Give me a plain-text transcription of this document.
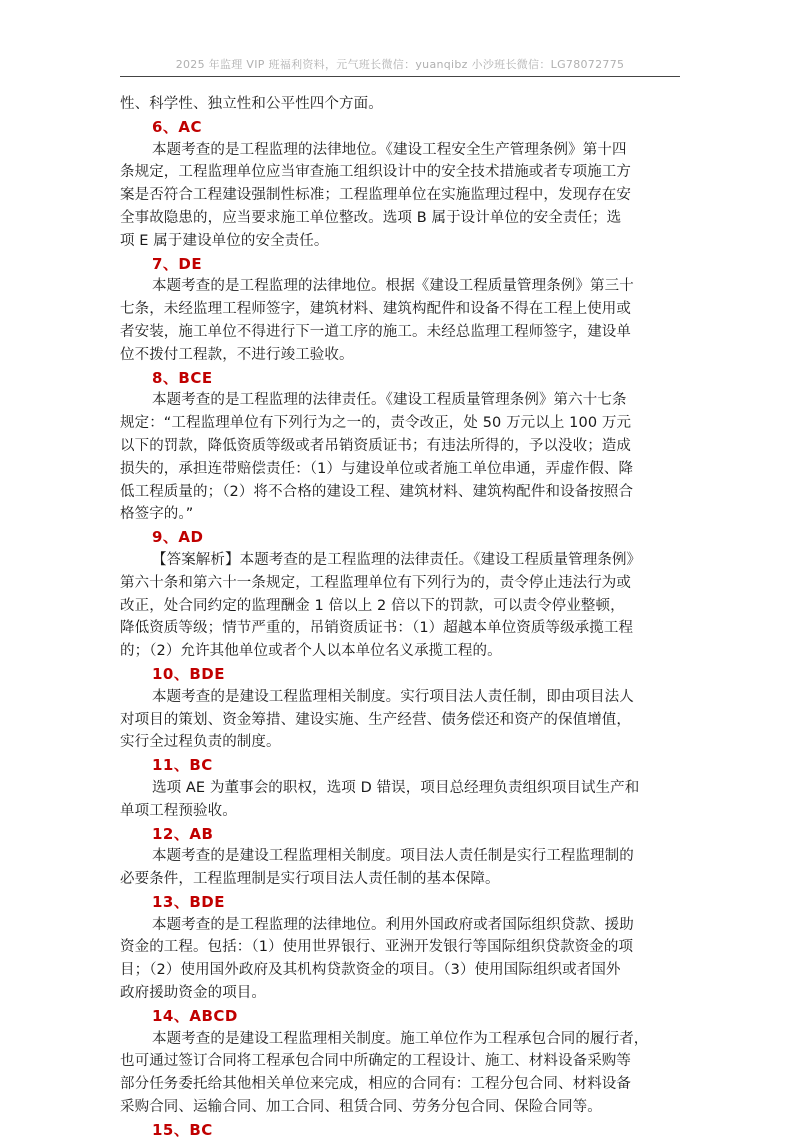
2025 年监理 VIP 班福利资料，元气班长微信：yuanqibz 小沙班长微信：LG78072775
性、科学性、独立性和公平性四个方面。
6、AC
本题考查的是工程监理的法律地位。《建设工程安全生产管理条例》第十四
条规定，工程监理单位应当审查施工组织设计中的安全技术措施或者专项施工方
案是否符合工程建设强制性标准；工程监理单位在实施监理过程中，发现存在安
全事故隐患的，应当要求施工单位整改。选项 B 属于设计单位的安全责任；选
项 E 属于建设单位的安全责任。
7、DE
本题考查的是工程监理的法律地位。根据《建设工程质量管理条例》第三十
七条，未经监理工程师签字，建筑材料、建筑构配件和设备不得在工程上使用或
者安装，施工单位不得进行下一道工序的施工。未经总监理工程师签字，建设单
位不拨付工程款，不进行竣工验收。
8、BCE
本题考查的是工程监理的法律责任。《建设工程质量管理条例》第六十七条
规定：“工程监理单位有下列行为之一的，责令改正，处 50 万元以上 100 万元
以下的罚款，降低资质等级或者吊销资质证书；有违法所得的，予以没收；造成
损失的，承担连带赔偿责任：（1）与建设单位或者施工单位串通，弄虚作假、降
低工程质量的；（2）将不合格的建设工程、建筑材料、建筑构配件和设备按照合
格签字的。”
9、AD
【答案解析】本题考查的是工程监理的法律责任。《建设工程质量管理条例》
第六十条和第六十一条规定，工程监理单位有下列行为的，责令停止违法行为或
改正，处合同约定的监理酬金 1 倍以上 2 倍以下的罚款，可以责令停业整顿，
降低资质等级；情节严重的，吊销资质证书：（1）超越本单位资质等级承揽工程
的；（2）允许其他单位或者个人以本单位名义承揽工程的。
10、BDE
本题考查的是建设工程监理相关制度。实行项目法人责任制，即由项目法人
对项目的策划、资金筹措、建设实施、生产经营、债务偿还和资产的保值增值，
实行全过程负责的制度。
11、BC
选项 AE 为董事会的职权，选项 D 错误，项目总经理负责组织项目试生产和
单项工程预验收。
12、AB
本题考查的是建设工程监理相关制度。项目法人责任制是实行工程监理制的
必要条件，工程监理制是实行项目法人责任制的基本保障。
13、BDE
本题考查的是工程监理的法律地位。利用外国政府或者国际组织贷款、援助
资金的工程。包括：（1）使用世界银行、亚洲开发银行等国际组织贷款资金的项
目；（2）使用国外政府及其机构贷款资金的项目。（3）使用国际组织或者国外
政府援助资金的项目。
14、ABCD
本题考查的是建设工程监理相关制度。施工单位作为工程承包合同的履行者，
也可通过签订合同将工程承包合同中所确定的工程设计、施工、材料设备采购等
部分任务委托给其他相关单位来完成，相应的合同有：工程分包合同、材料设备
采购合同、运输合同、加工合同、租赁合同、劳务分包合同、保险合同等。
15、BC
